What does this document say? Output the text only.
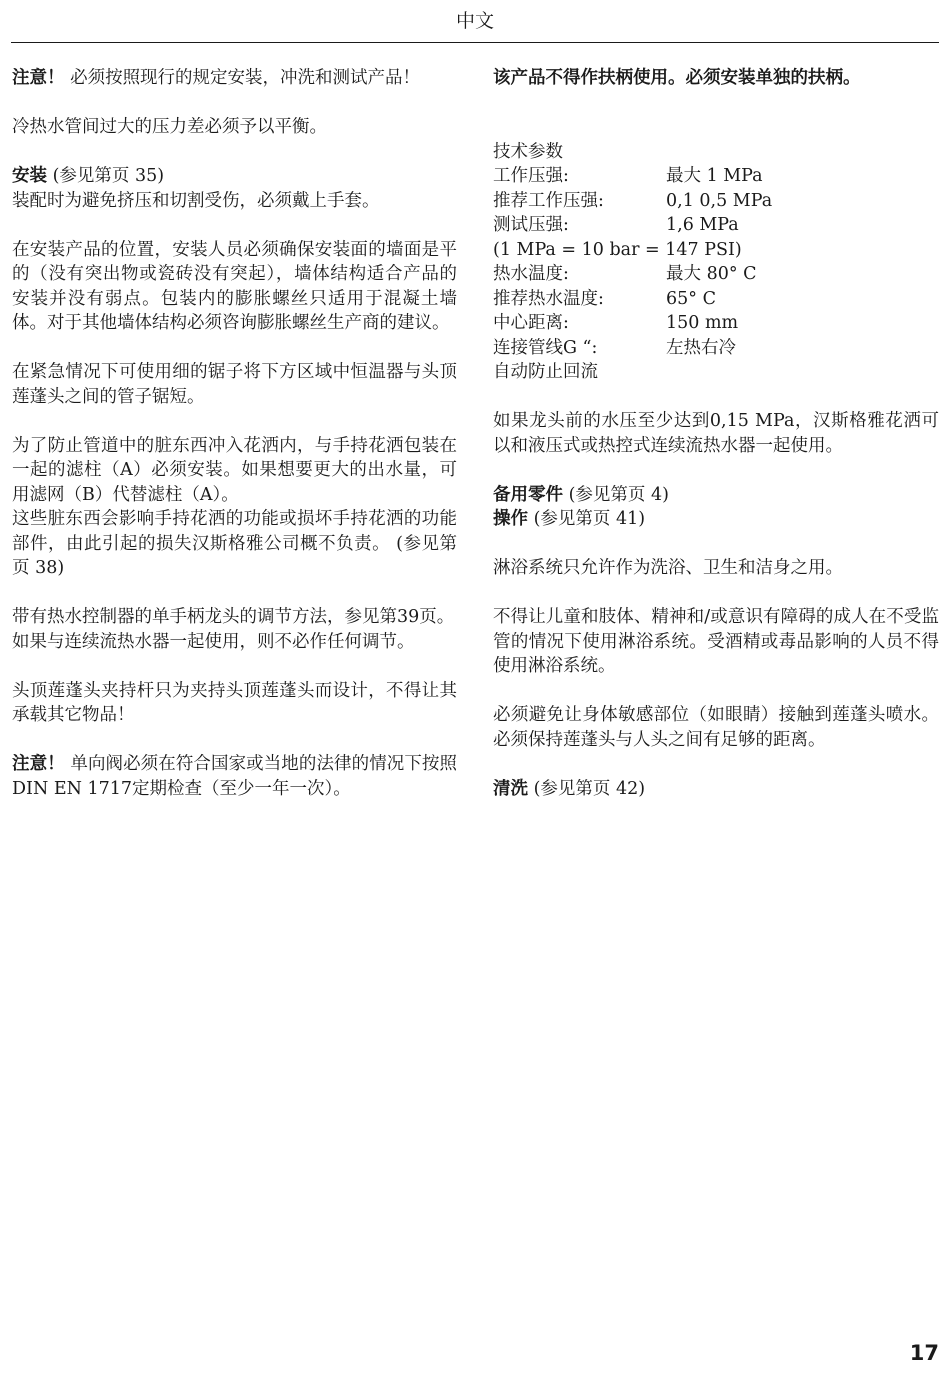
中文

注意！ 必须按照现行的规定安装，冲洗和测试产品！

冷热水管间过大的压力差必须予以平衡。

安装 (参见第页 35)

装配时为避免挤压和切割受伤，必须戴上手套。

在安装产品的位置，安装人员必须确保安装面的墙面是平的（没有突出物或瓷砖没有突起），墙体结构适合产品的安装并没有弱点。包装内的膨胀螺丝只适用于混凝土墙体。对于其他墙体结构必须咨询膨胀螺丝生产商的建议。

在紧急情况下可使用细的锯子将下方区域中恒温器与头顶莲蓬头之间的管子锯短。

为了防止管道中的脏东西冲入花洒内，与手持花洒包装在一起的滤柱（A）必须安装。如果想要更大的出水量，可用滤网（B）代替滤柱（A）。

这些脏东西会影响手持花洒的功能或损坏手持花洒的功能部件，由此引起的损失汉斯格雅公司概不负责。 (参见第页 38)

带有热水控制器的单手柄龙头的调节方法，参见第39页。

如果与连续流热水器一起使用，则不必作任何调节。

头顶莲蓬头夹持杆只为夹持头顶莲蓬头而设计，不得让其承载其它物品！

注意！ 单向阀必须在符合国家或当地的法律的情况下按照DIN EN 1717定期检查（至少一年一次）。

该产品不得作扶柄使用。必须安装单独的扶柄。

技术参数
工作压强:	最大 1 MPa
推荐工作压强:	0,1 0,5 MPa
测试压强:	1,6 MPa
(1 MPa = 10 bar = 147 PSI)
热水温度:	最大 80° C
推荐热水温度:	65° C
中心距离:	150 mm
连接管线G “:	左热右冷
自动防止回流

如果龙头前的水压至少达到0,15 MPa，汉斯格雅花洒可以和液压式或热控式连续流热水器一起使用。

备用零件 (参见第页 4)

操作 (参见第页 41)

淋浴系统只允许作为洗浴、卫生和洁身之用。

不得让儿童和肢体、精神和/或意识有障碍的成人在不受监管的情况下使用淋浴系统。受酒精或毒品影响的人员不得使用淋浴系统。

必须避免让身体敏感部位（如眼睛）接触到莲蓬头喷水。必须保持莲蓬头与人头之间有足够的距离。

清洗 (参见第页 42)

17
